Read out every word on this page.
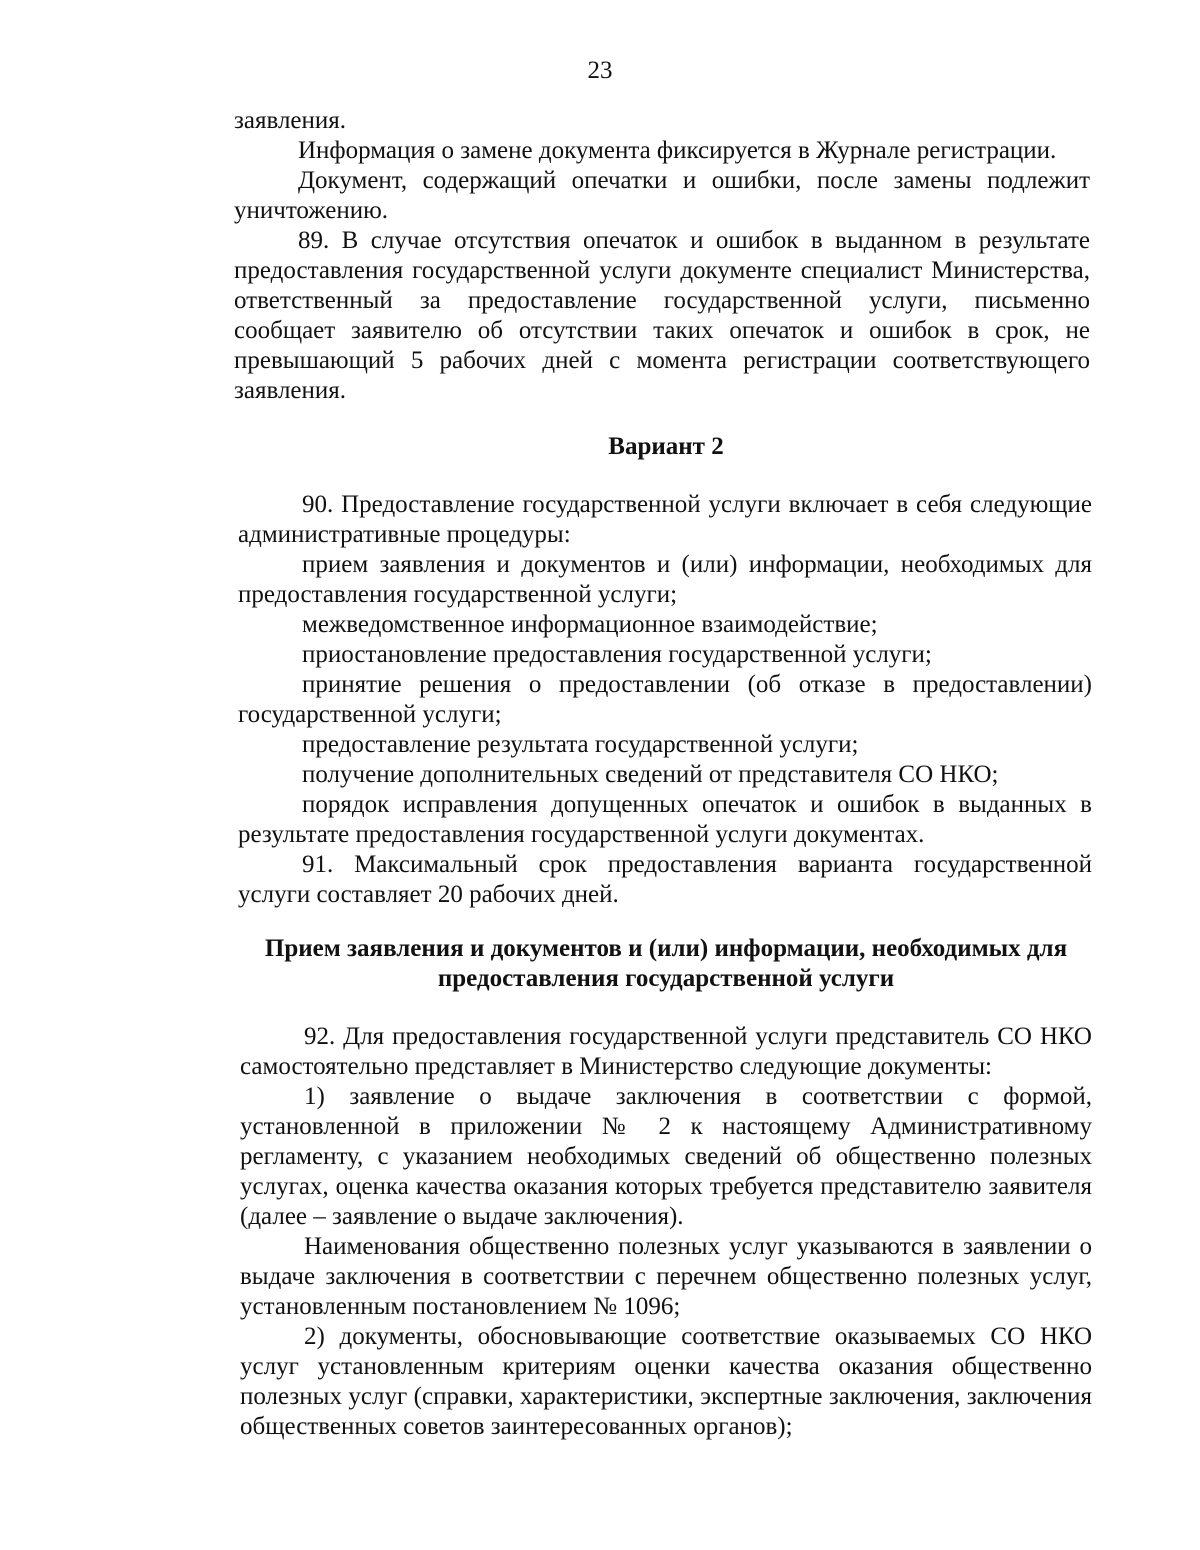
23

заявления.

Информация о замене документа фиксируется в Журнале регистрации.

Документ, содержащий опечатки и ошибки, после замены подлежит уничтожению.

89. В случае отсутствия опечаток и ошибок в выданном в результате предоставления государственной услуги документе специалист Министерства, ответственный за предоставление государственной услуги, письменно сообщает заявителю об отсутствии таких опечаток и ошибок в срок, не превышающий 5 рабочих дней с момента регистрации соответствующего заявления.

Вариант 2

90. Предоставление государственной услуги включает в себя следующие административные процедуры:

прием заявления и документов и (или) информации, необходимых для предоставления государственной услуги;

межведомственное информационное взаимодействие;

приостановление предоставления государственной услуги;

принятие решения о предоставлении (об отказе в предоставлении) государственной услуги;

предоставление результата государственной услуги;

получение дополнительных сведений от представителя СО НКО;

порядок исправления допущенных опечаток и ошибок в выданных в результате предоставления государственной услуги документах.

91. Максимальный срок предоставления варианта государственной услуги составляет 20 рабочих дней.

Прием заявления и документов и (или) информации, необходимых для

предоставления государственной услуги

92. Для предоставления государственной услуги представитель СО НКО самостоятельно представляет в Министерство следующие документы:

1) заявление о выдаче заключения в соответствии с формой, установленной в приложении № 2 к настоящему Административному регламенту, с указанием необходимых сведений об общественно полезных услугах, оценка качества оказания которых требуется представителю заявителя (далее – заявление о выдаче заключения).

Наименования общественно полезных услуг указываются в заявлении о выдаче заключения в соответствии с перечнем общественно полезных услуг, установленным постановлением № 1096;

2) документы, обосновывающие соответствие оказываемых СО НКО услуг установленным критериям оценки качества оказания общественно полезных услуг (справки, характеристики, экспертные заключения, заключения общественных советов заинтересованных органов);
